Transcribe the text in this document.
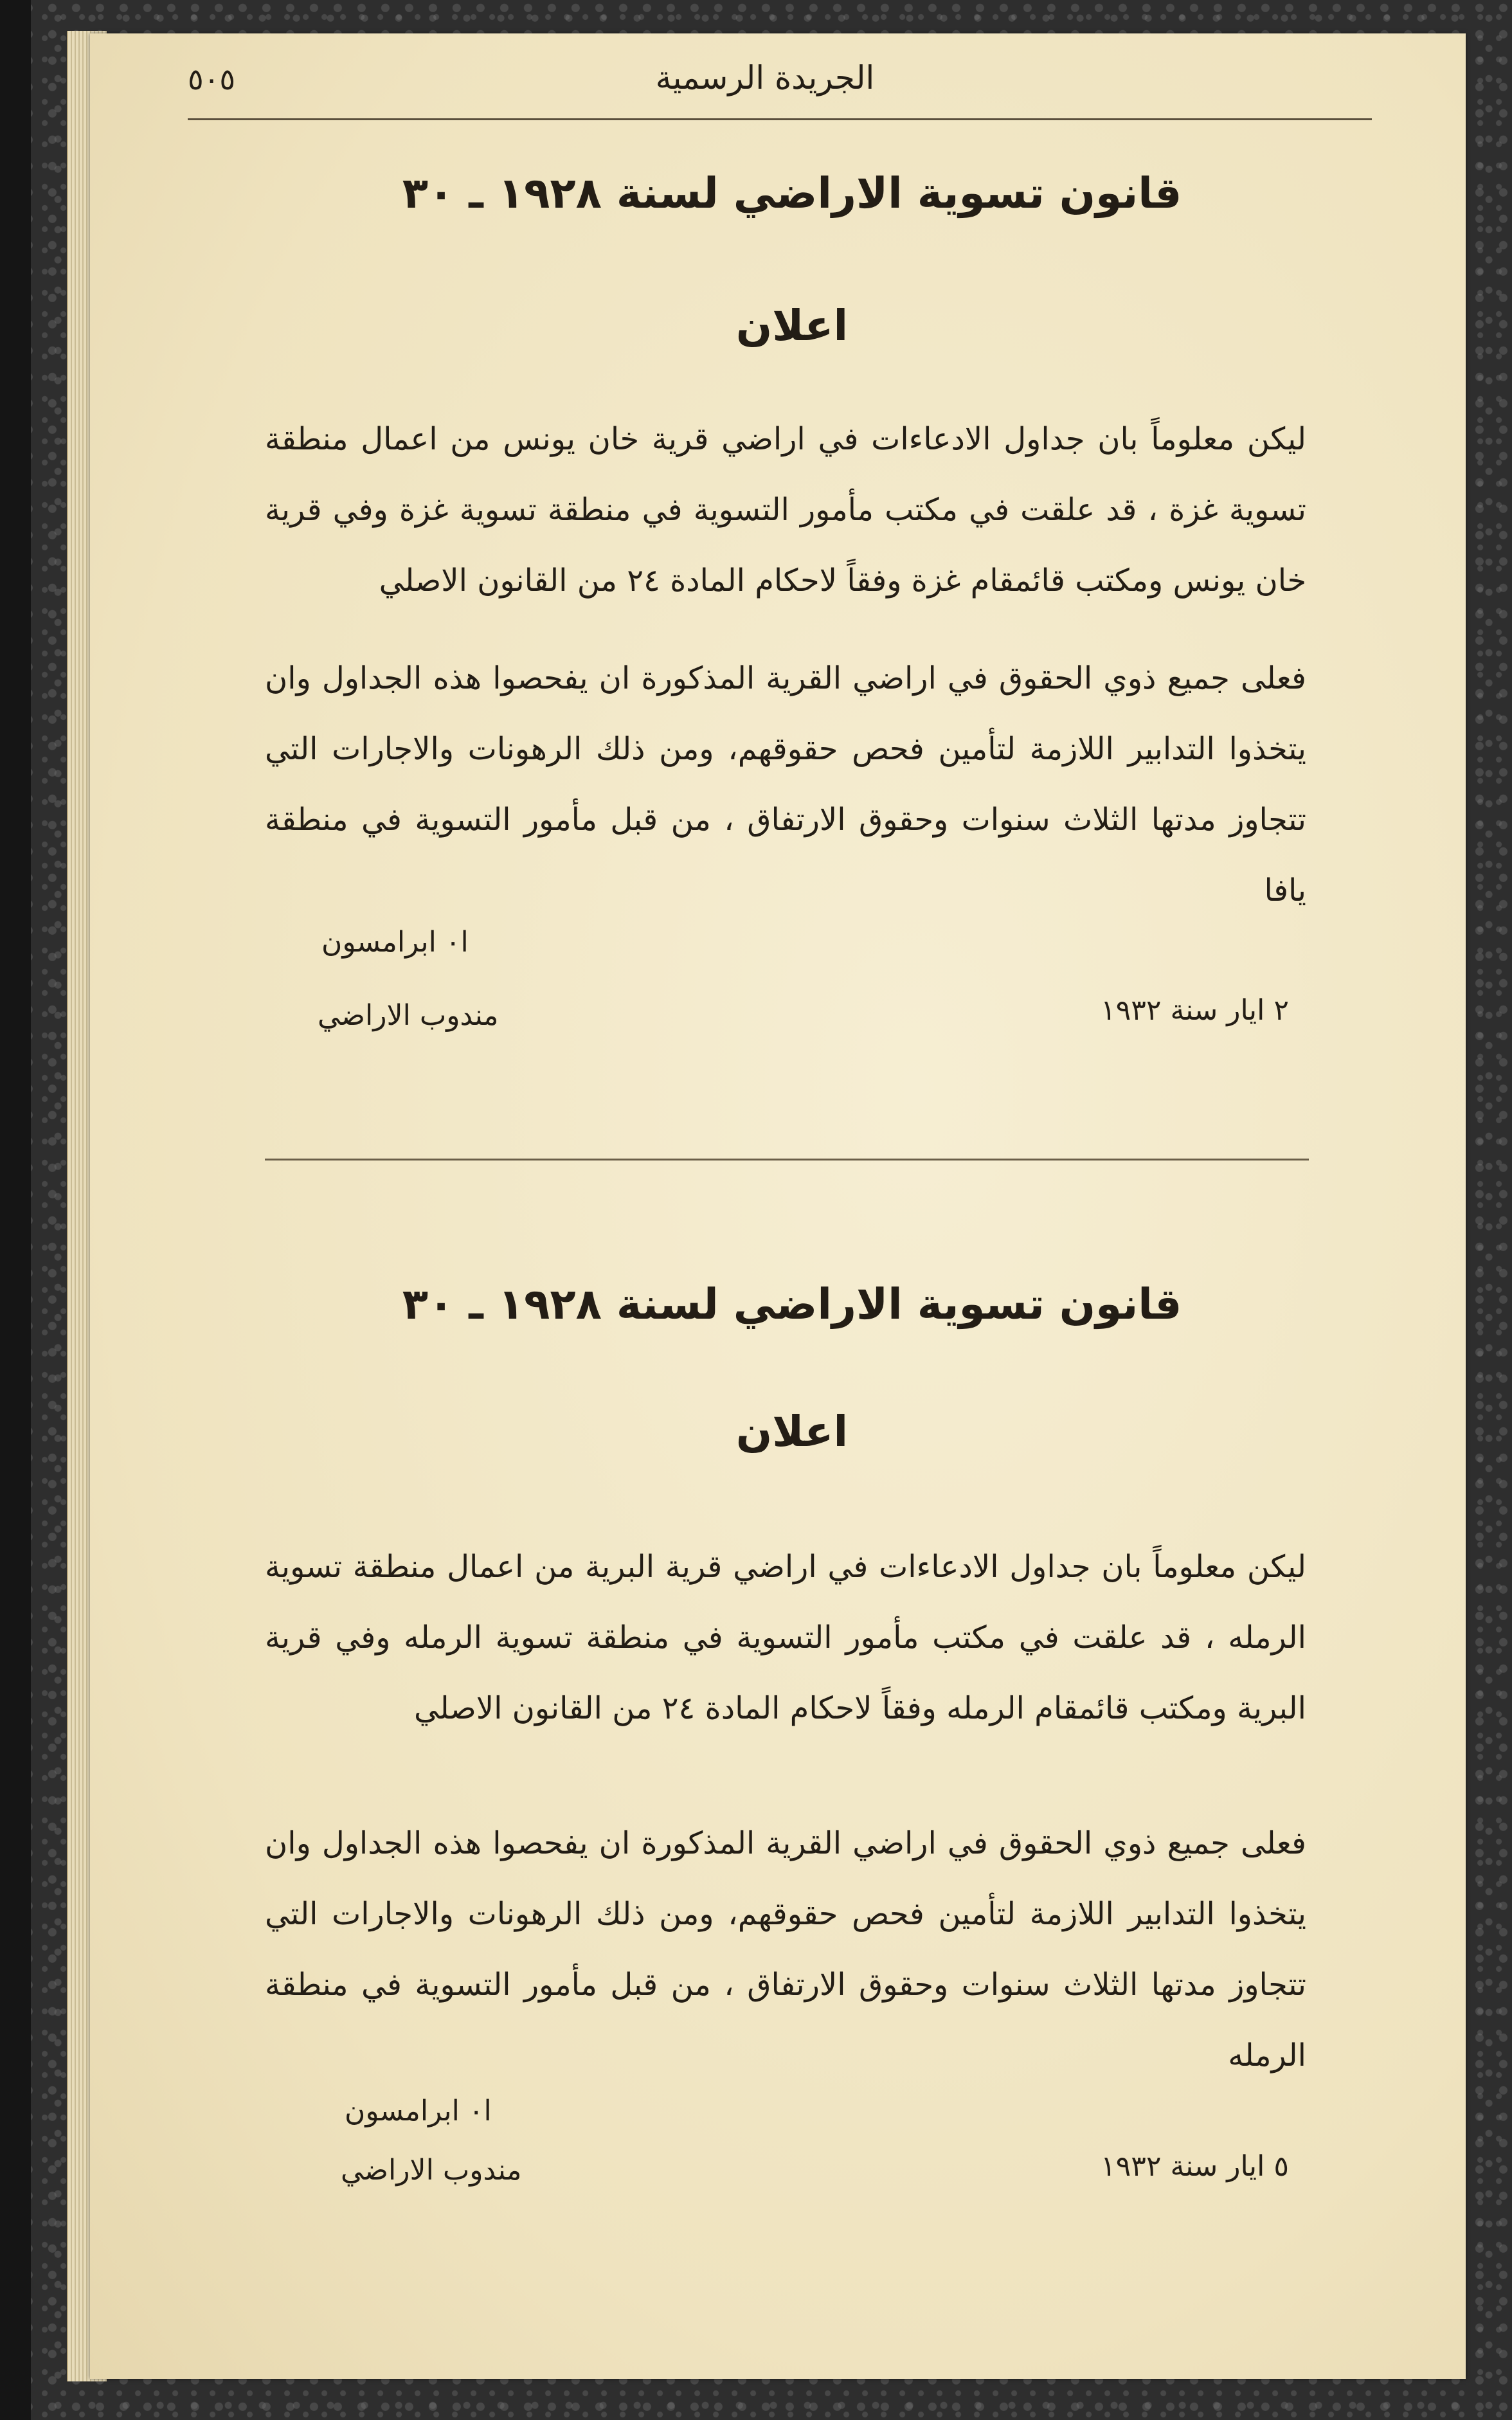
الجريدة الرسمية
٥٠٥
قانون تسوية الاراضي لسنة ١٩٢٨ ـ ٣٠
اعلان
ليكن معلوماً بان جداول الادعاءات في اراضي قرية خان يونس من اعمال منطقة تسوية غزة ، قد علقت في مكتب مأمور التسوية في منطقة تسوية غزة وفي قرية خان يونس ومكتب قائمقام غزة وفقاً لاحكام المادة ٢٤ من القانون الاصلي
فعلى جميع ذوي الحقوق في اراضي القرية المذكورة ان يفحصوا هذه الجداول وان يتخذوا التدابير اللازمة لتأمين فحص حقوقهم، ومن ذلك الرهونات والاجارات التي تتجاوز مدتها الثلاث سنوات وحقوق الارتفاق ، من قبل مأمور التسوية في منطقة يافا
ا٠ ابرامسون
مندوب الاراضي	٢ ايار سنة ١٩٣٢
قانون تسوية الاراضي لسنة ١٩٢٨ ـ ٣٠
اعلان
ليكن معلوماً بان جداول الادعاءات في اراضي قرية البرية من اعمال منطقة تسوية الرمله ، قد علقت في مكتب مأمور التسوية في منطقة تسوية الرمله وفي قرية البرية ومكتب قائمقام الرمله وفقاً لاحكام المادة ٢٤ من القانون الاصلي
فعلى جميع ذوي الحقوق في اراضي القرية المذكورة ان يفحصوا هذه الجداول وان يتخذوا التدابير اللازمة لتأمين فحص حقوقهم، ومن ذلك الرهونات والاجارات التي تتجاوز مدتها الثلاث سنوات وحقوق الارتفاق ، من قبل مأمور التسوية في منطقة الرمله
ا٠ ابرامسون
مندوب الاراضي	٥ ايار سنة ١٩٣٢
